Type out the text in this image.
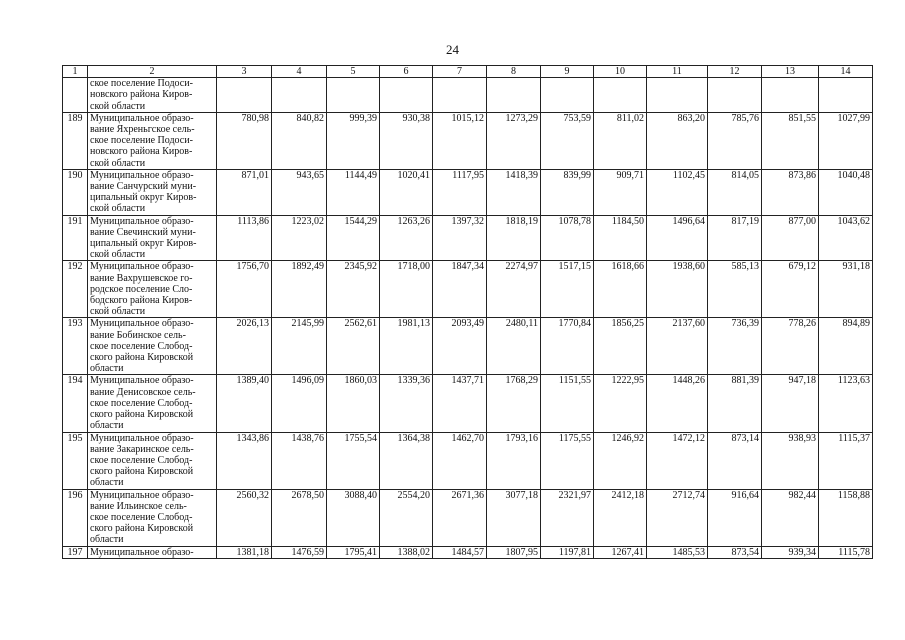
24
1	2	3	4	5	6	7	8	9	10	11	12	13	14

	ское поселение Подоси-
новского района Киров-
ской области												

189	Муниципальное образо-
вание Яхреньгское сель-
ское поселение Подоси-
новского района Киров-
ской области	780,98	840,82	999,39	930,38	1015,12	1273,29	753,59	811,02	863,20	785,76	851,55	1027,99
190	Муниципальное образо-
вание Санчурский муни-
ципальный округ Киров-
ской области	871,01	943,65	1144,49	1020,41	1117,95	1418,39	839,99	909,71	1102,45	814,05	873,86	1040,48
191	Муниципальное образо-
вание Свечинский муни-
ципальный округ Киров-
ской области	1113,86	1223,02	1544,29	1263,26	1397,32	1818,19	1078,78	1184,50	1496,64	817,19	877,00	1043,62
192	Муниципальное образо-
вание Вахрушевское го-
родское поселение Сло-
бодского района Киров-
ской области	1756,70	1892,49	2345,92	1718,00	1847,34	2274,97	1517,15	1618,66	1938,60	585,13	679,12	931,18
193	Муниципальное образо-
вание Бобинское сель-
ское поселение Слобод-
ского района Кировской
области	2026,13	2145,99	2562,61	1981,13	2093,49	2480,11	1770,84	1856,25	2137,60	736,39	778,26	894,89
194	Муниципальное образо-
вание Денисовское сель-
ское поселение Слобод-
ского района Кировской
области	1389,40	1496,09	1860,03	1339,36	1437,71	1768,29	1151,55	1222,95	1448,26	881,39	947,18	1123,63
195	Муниципальное образо-
вание Закаринское сель-
ское поселение Слобод-
ского района Кировской
области	1343,86	1438,76	1755,54	1364,38	1462,70	1793,16	1175,55	1246,92	1472,12	873,14	938,93	1115,37
196	Муниципальное образо-
вание Ильинское сель-
ское поселение Слобод-
ского района Кировской
области	2560,32	2678,50	3088,40	2554,20	2671,36	3077,18	2321,97	2412,18	2712,74	916,64	982,44	1158,88
197	Муниципальное образо-	1381,18	1476,59	1795,41	1388,02	1484,57	1807,95	1197,81	1267,41	1485,53	873,54	939,34	1115,78
